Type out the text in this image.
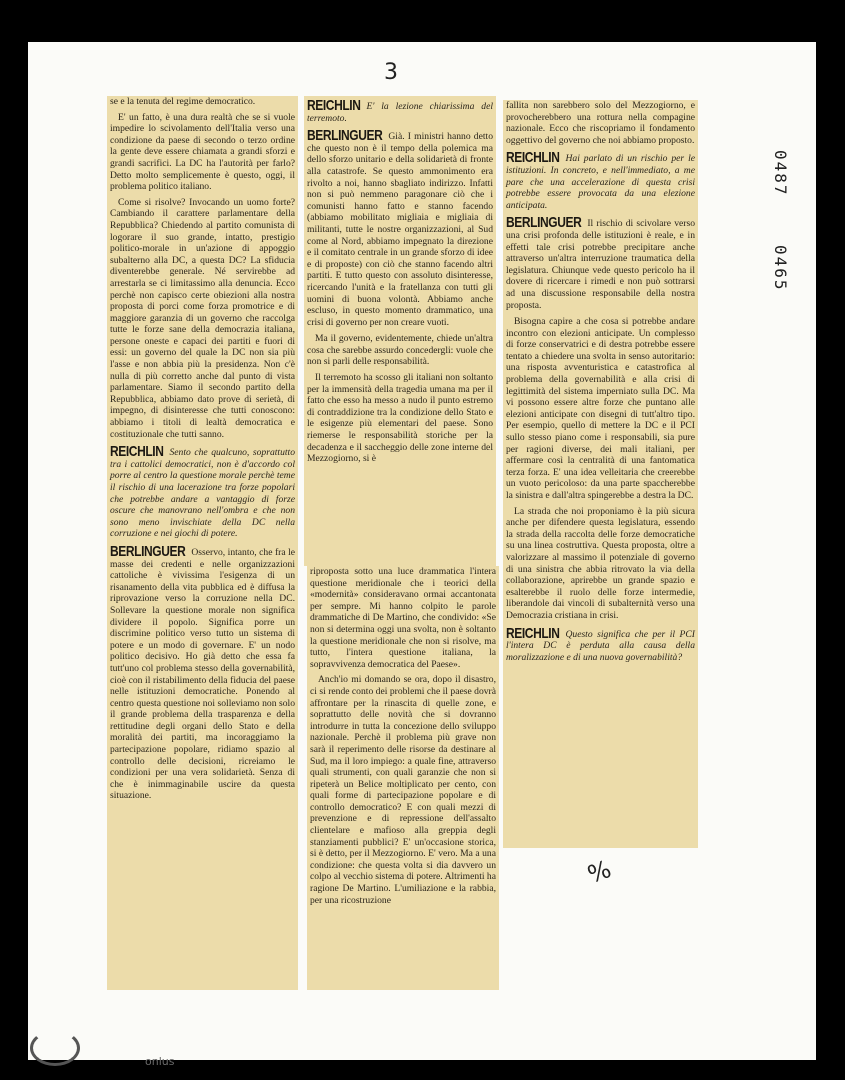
3
0487
0465
%
onlus

se e la tenuta del regime democratico.

E' un fatto, è una dura realtà che se si vuole impedire lo scivolamento dell'Italia verso una condizione da paese di secondo o terzo ordine la gente deve essere chiamata a grandi sforzi e grandi sacrifici. La DC ha l'autorità per farlo? Detto molto semplicemente è questo, oggi, il problema politico italiano.

Come si risolve? Invocando un uomo forte? Cambiando il carattere parlamentare della Repubblica? Chiedendo al partito comunista di logorare il suo grande, intatto, prestigio politico-morale in un'azione di appoggio subalterno alla DC, a questa DC? La sfiducia diventerebbe generale. Né servirebbe ad arrestarla se ci limitassimo alla denuncia. Ecco perchè non capisco certe obiezioni alla nostra proposta di porci come forza promotrice e di maggiore garanzia di un governo che raccolga tutte le forze sane della democrazia italiana, persone oneste e capaci dei partiti e fuori di essi: un governo del quale la DC non sia più l'asse e non abbia più la presidenza. Non c'è nulla di più corretto anche dal punto di vista parlamentare. Siamo il secondo partito della Repubblica, abbiamo dato prove di serietà, di impegno, di disinteresse che tutti conoscono: abbiamo i titoli di lealtà democratica e costituzionale che tutti sanno.

REICHLIN Sento che qualcuno, soprattutto tra i cattolici democratici, non è d'accordo col porre al centro la questione morale perchè teme il rischio di una lacerazione tra forze popolari che potrebbe andare a vantaggio di forze oscure che manovrano nell'ombra e che non sono meno invischiate della DC nella corruzione e nei giochi di potere.
BERLINGUER Osservo, intanto, che fra le masse dei credenti e nelle organizzazioni cattoliche è vivissima l'esigenza di un risanamento della vita pubblica ed è diffusa la riprovazione verso la corruzione nella DC. Sollevare la questione morale non significa dividere il popolo. Significa porre un discrimine politico verso tutto un sistema di potere e un modo di governare. E' un nodo politico decisivo. Ho già detto che essa fa tutt'uno col problema stesso della governabilità, cioè con il ristabilimento della fiducia del paese nelle istituzioni democratiche. Ponendo al centro questa questione noi solleviamo non solo il grande problema della trasparenza e della rettitudine degli organi dello Stato e della moralità dei partiti, ma incoraggiamo la partecipazione popolare, ridiamo spazio al controllo delle decisioni, ricreiamo le condizioni per una vera solidarietà. Senza di che è inimmaginabile uscire da questa situazione.
REICHLIN E' la lezione chiarissima del terremoto.
BERLINGUER Già. I ministri hanno detto che questo non è il tempo della polemica ma dello sforzo unitario e della solidarietà di fronte alla catastrofe. Se questo ammonimento era rivolto a noi, hanno sbagliato indirizzo. Infatti non si può nemmeno paragonare ciò che i comunisti hanno fatto e stanno facendo (abbiamo mobilitato migliaia e migliaia di militanti, tutte le nostre organizzazioni, al Sud come al Nord, abbiamo impegnato la direzione e il comitato centrale in un grande sforzo di idee e di proposte) con ciò che stanno facendo altri partiti. E tutto questo con assoluto disinteresse, ricercando l'unità e la fratellanza con tutti gli uomini di buona volontà. Abbiamo anche escluso, in questo momento drammatico, una crisi di governo per non creare vuoti.

Ma il governo, evidentemente, chiede un'altra cosa che sarebbe assurdo concedergli: vuole che non si parli delle responsabilità.

Il terremoto ha scosso gli italiani non soltanto per la immensità della tragedia umana ma per il fatto che esso ha messo a nudo il punto estremo di contraddizione tra la condizione dello Stato e le esigenze più elementari del paese. Sono riemerse le responsabilità storiche per la decadenza e il saccheggio delle zone interne del Mezzogiorno, si è

riproposta sotto una luce drammatica l'intera questione meridionale che i teorici della «modernità» consideravano ormai accantonata per sempre. Mi hanno colpito le parole drammatiche di De Martino, che condivido: «Se non si determina oggi una svolta, non è soltanto la questione meridionale che non si risolve, ma tutto, l'intera questione italiana, la sopravvivenza democratica del Paese».

Anch'io mi domando se ora, dopo il disastro, ci si rende conto dei problemi che il paese dovrà affrontare per la rinascita di quelle zone, e soprattutto delle novità che si dovranno introdurre in tutta la concezione dello sviluppo nazionale. Perchè il problema più grave non sarà il reperimento delle risorse da destinare al Sud, ma il loro impiego: a quale fine, attraverso quali strumenti, con quali garanzie che non si ripeterà un Belice moltiplicato per cento, con quali forme di partecipazione popolare e di controllo democratico? E con quali mezzi di prevenzione e di repressione dell'assalto clientelare e mafioso alla greppia degli stanziamenti pubblici? E' un'occasione storica, si è detto, per il Mezzogiorno. E' vero. Ma a una condizione: che questa volta si dia davvero un colpo al vecchio sistema di potere. Altrimenti ha ragione De Martino. L'umiliazione e la rabbia, per una ricostruzione

fallita non sarebbero solo del Mezzogiorno, e provocherebbero una rottura nella compagine nazionale. Ecco che riscopriamo il fondamento oggettivo del governo che noi abbiamo proposto.

REICHLIN Hai parlato di un rischio per le istituzioni. In concreto, e nell'immediato, a me pare che una accelerazione di questa crisi potrebbe essere provocata da una elezione anticipata.
BERLINGUER Il rischio di scivolare verso una crisi profonda delle istituzioni è reale, e in effetti tale crisi potrebbe precipitare anche attraverso un'altra interruzione traumatica della legislatura. Chiunque vede questo pericolo ha il dovere di ricercare i rimedi e non può sottrarsi ad una discussione responsabile della nostra proposta.

Bisogna capire a che cosa si potrebbe andare incontro con elezioni anticipate. Un complesso di forze conservatrici e di destra potrebbe essere tentato a chiedere una svolta in senso autoritario: una risposta avventuristica e catastrofica al problema della governabilità e alla crisi di legittimità del sistema imperniato sulla DC. Ma vi possono essere altre forze che puntano alle elezioni anticipate con disegni di tutt'altro tipo. Per esempio, quello di mettere la DC e il PCI sullo stesso piano come i responsabili, sia pure per ragioni diverse, dei mali italiani, per affermare così la centralità di una fantomatica terza forza. E' una idea velleitaria che creerebbe un vuoto pericoloso: da una parte spaccherebbe la sinistra e dall'altra spingerebbe a destra la DC.

La strada che noi proponiamo è la più sicura anche per difendere questa legislatura, essendo la strada della raccolta delle forze democratiche su una linea costruttiva. Questa proposta, oltre a valorizzare al massimo il potenziale di governo di una sinistra che abbia ritrovato la via della collaborazione, aprirebbe un grande spazio e esalterebbe il ruolo delle forze intermedie, liberandole dai vincoli di subalternità verso una Democrazia cristiana in crisi.

REICHLIN Questo significa che per il PCI l'intera DC è perduta alla causa della moralizzazione e di una nuova governabilità?
